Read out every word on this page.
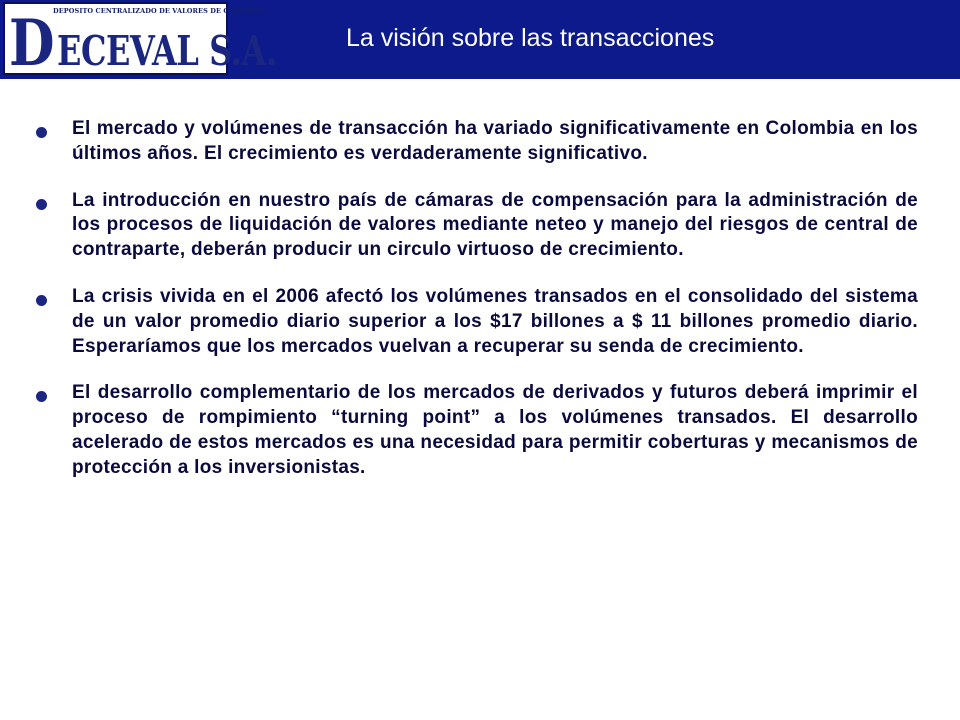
DEPOSITO CENTRALIZADO DE VALORES DE COLOMBIA
DECEVAL S.A.	La visión sobre las transacciones
El mercado y volúmenes de transacción ha variado significativamente en Colombia en los últimos años. El crecimiento es verdaderamente significativo.
La introducción en nuestro país de cámaras de compensación para la administración de los procesos de liquidación de valores mediante neteo y manejo del riesgos de central de contraparte, deberán producir un circulo virtuoso de crecimiento.
La crisis vivida en el 2006 afectó los volúmenes transados en el consolidado del sistema de un valor promedio diario superior a los $17 billones a $ 11 billones promedio diario. Esperaríamos que los mercados vuelvan a recuperar su senda de crecimiento.
El desarrollo complementario de los mercados de derivados y futuros deberá imprimir el proceso de rompimiento “turning point” a los volúmenes transados. El desarrollo acelerado de estos mercados es una necesidad para permitir coberturas y mecanismos de protección a los inversionistas.
